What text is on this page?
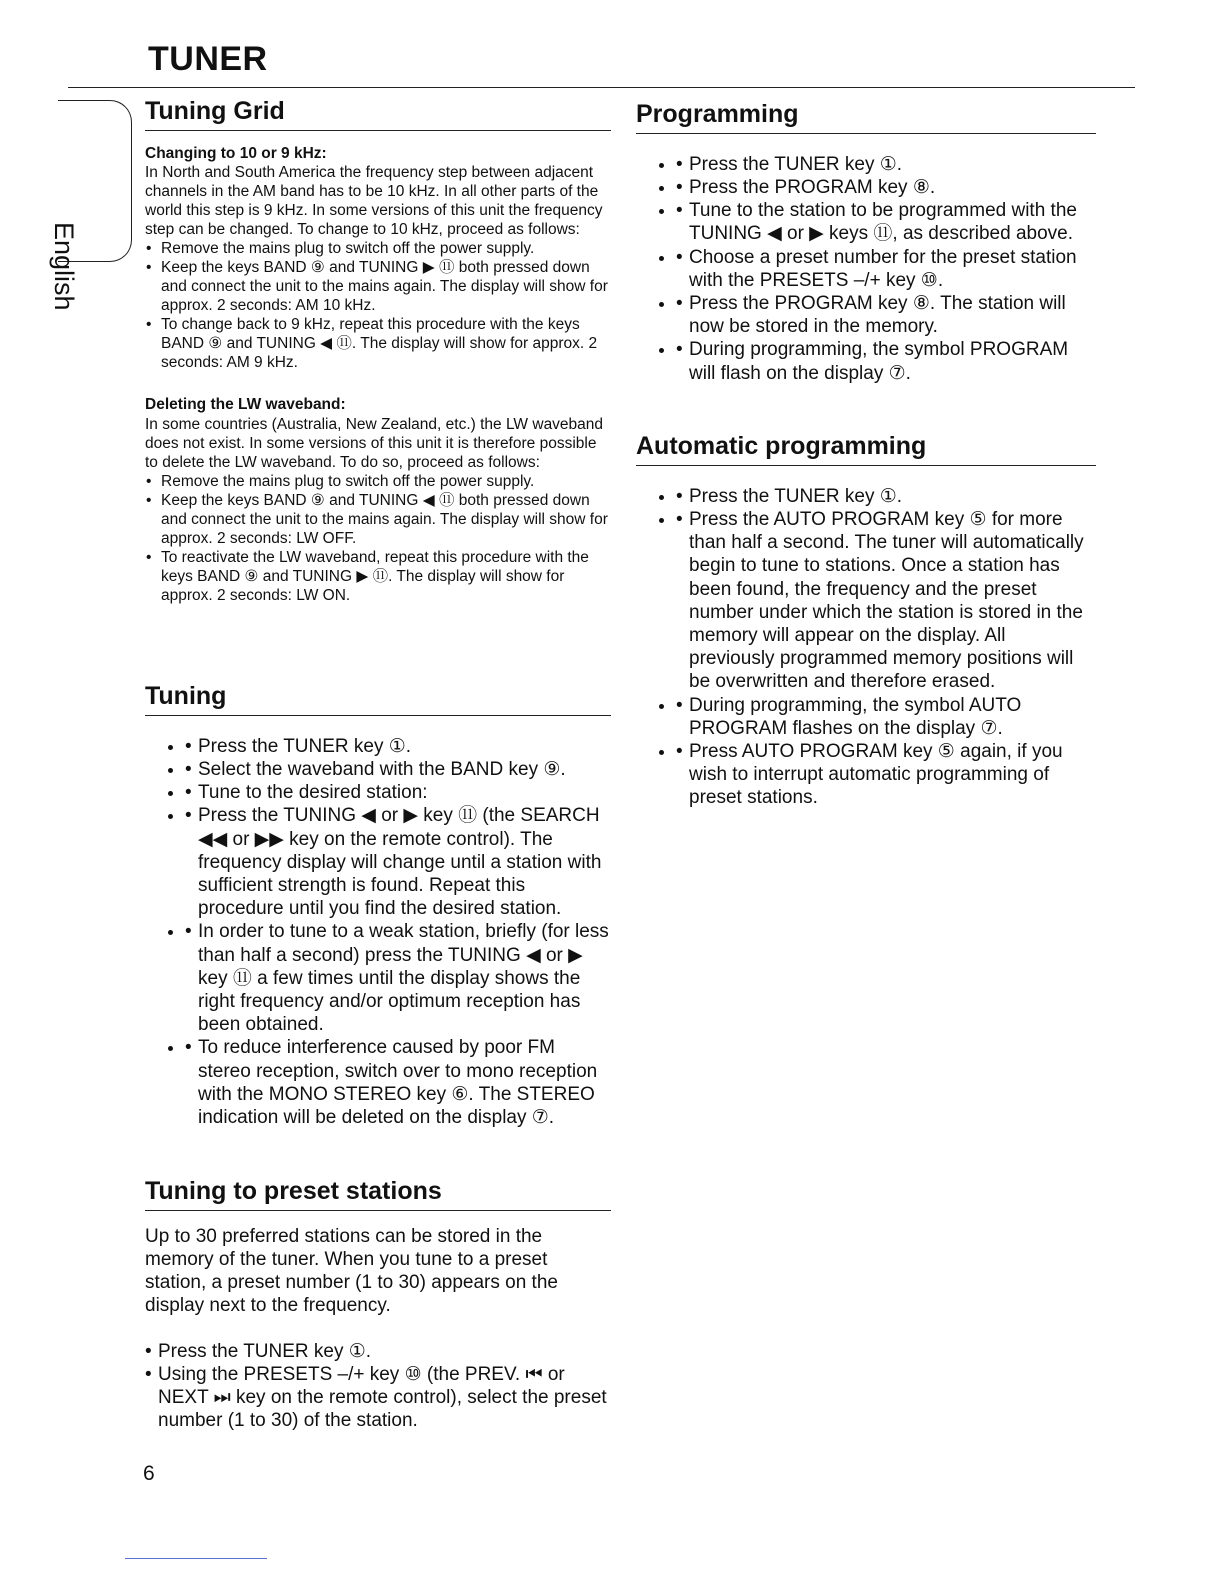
TUNER
English
Tuning Grid
Changing to 10 or 9 kHz:

In North and South America the frequency step between adjacent channels in the AM band has to be 10 kHz. In all other parts of the world this step is 9 kHz. In some versions of this unit the frequency step can be changed. To change to 10 kHz, proceed as follows:

• Remove the mains plug to switch off the power supply.
• Keep the keys BAND ⑨ and TUNING ▶ ⑪ both pressed down and connect the unit to the mains again. The display will show for approx. 2 seconds: AM 10 kHz.
• To change back to 9 kHz, repeat this procedure with the keys BAND ⑨ and TUNING ◀ ⑪. The display will show for approx. 2 seconds: AM 9 kHz.
Deleting the LW waveband:

In some countries (Australia, New Zealand, etc.) the LW waveband does not exist. In some versions of this unit it is therefore possible to delete the LW waveband. To do so, proceed as follows:

• Remove the mains plug to switch off the power supply.
• Keep the keys BAND ⑨ and TUNING ◀ ⑪ both pressed down and connect the unit to the mains again. The display will show for approx. 2 seconds: LW OFF.
• To reactivate the LW waveband, repeat this procedure with the keys BAND ⑨ and TUNING ▶ ⑪. The display will show for approx. 2 seconds: LW ON.
Tuning
• • Press the TUNER key ①.
• • Select the waveband with the BAND key ⑨.
• • Tune to the desired station:
• • Press the TUNING ◀ or ▶ key ⑪ (the SEARCH ◀◀ or ▶▶ key on the remote control). The frequency display will change until a station with sufficient strength is found. Repeat this procedure until you find the desired station.
• • In order to tune to a weak station, briefly (for less than half a second) press the TUNING ◀ or ▶ key ⑪ a few times until the display shows the right frequency and/or optimum reception has been obtained.
• • To reduce interference caused by poor FM stereo reception, switch over to mono reception with the MONO STEREO key ⑥. The STEREO indication will be deleted on the display ⑦.
Tuning to preset stations

Up to 30 preferred stations can be stored in the memory of the tuner. When you tune to a preset station, a preset number (1 to 30) appears on the display next to the frequency.

• Press the TUNER key ①.
• Using the PRESETS –/+ key ⑩ (the PREV. ⏮ or NEXT ⏭ key on the remote control), select the preset number (1 to 30) of the station.
Programming
• • Press the TUNER key ①.
• • Press the PROGRAM key ⑧.
• • Tune to the station to be programmed with the TUNING ◀ or ▶ keys ⑪, as described above.
• • Choose a preset number for the preset station with the PRESETS –/+ key ⑩.
• • Press the PROGRAM key ⑧. The station will now be stored in the memory.
• • During programming, the symbol PROGRAM will flash on the display ⑦.
Automatic programming
• • Press the TUNER key ①.
• • Press the AUTO PROGRAM key ⑤ for more than half a second. The tuner will automatically begin to tune to stations. Once a station has been found, the frequency and the preset number under which the station is stored in the memory will appear on the display. All previously programmed memory positions will be overwritten and therefore erased.
• • During programming, the symbol AUTO PROGRAM flashes on the display ⑦.
• • Press AUTO PROGRAM key ⑤ again, if you wish to interrupt automatic programming of preset stations.
6
